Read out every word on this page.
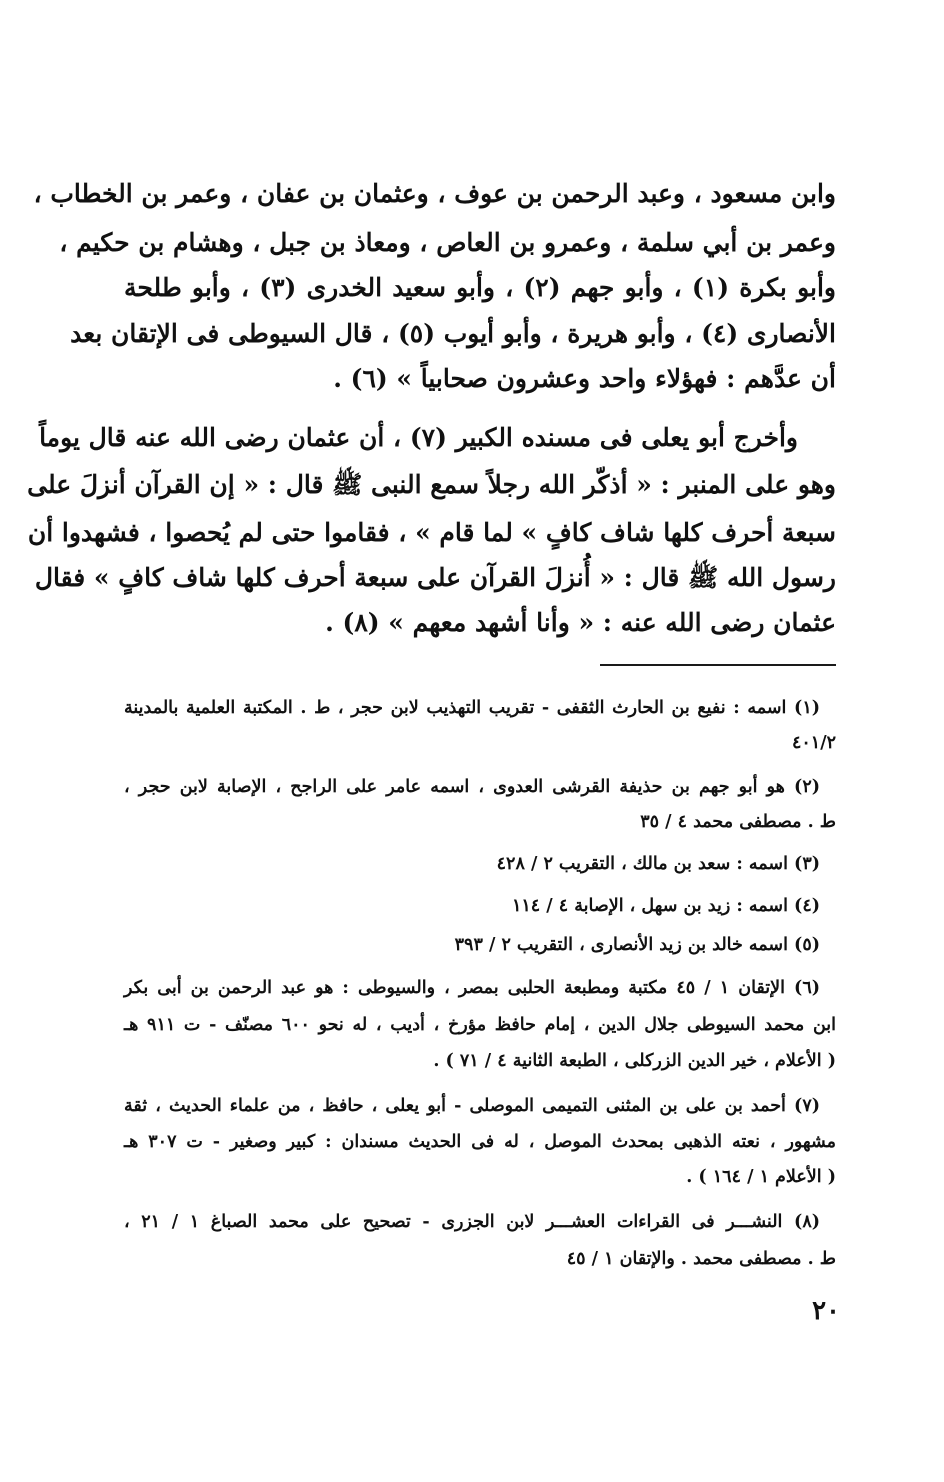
وابن مسعود ، وعبد الرحمن بن عوف ، وعثمان بن عفان ، وعمر بن الخطاب ،
وعمر بن أبي سلمة ، وعمرو بن العاص ، ومعاذ بن جبل ، وهشام بن حكيم ،
وأبو بكرة (١) ، وأبو جهم (٢) ، وأبو سعيد الخدرى (٣) ، وأبو طلحة
الأنصارى (٤) ، وأبو هريرة ، وأبو أيوب (٥) ، قال السيوطى فى الإتقان بعد
أن عدَّهم : فهؤلاء واحد وعشرون صحابياً » (٦) .
وأخرج أبو يعلى فى مسنده الكبير (٧) ، أن عثمان رضى الله عنه قال يوماً
وهو على المنبر : « أذكّر الله رجلاً سمع النبى ﷺ قال : « إن القرآن أنزلَ على
سبعة أحرف كلها شاف كافٍ » لما قام » ، فقاموا حتى لم يُحصوا ، فشهدوا أن
رسول الله ﷺ قال : « أُنزلَ القرآن على سبعة أحرف كلها شاف كافٍ » فقال
عثمان رضى الله عنه : « وأنا أشهد معهم » (٨) .
(١) اسمه : نفيع بن الحارث الثقفى - تقريب التهذيب لابن حجر ، ط . المكتبة العلمية بالمدينة
٤٠١/٢
(٢) هو أبو جهم بن حذيفة القرشى العدوى ، اسمه عامر على الراجح ، الإصابة لابن حجر ،
ط . مصطفى محمد ٤ / ٣٥
(٣) اسمه : سعد بن مالك ، التقريب ٢ / ٤٢٨
(٤) اسمه : زيد بن سهل ، الإصابة ٤ / ١١٤
(٥) اسمه خالد بن زيد الأنصارى ، التقريب ٢ / ٣٩٣
(٦) الإتقان ١ / ٤٥ مكتبة ومطبعة الحلبى بمصر ، والسيوطى : هو عبد الرحمن بن أبى بكر
ابن محمد السيوطى جلال الدين ، إمام حافظ مؤرخ ، أديب ، له نحو ٦٠٠ مصنّف - ت ٩١١ هـ
( الأعلام ، خير الدين الزركلى ، الطبعة الثانية ٤ / ٧١ ) .
(٧) أحمد بن على بن المثنى التميمى الموصلى - أبو يعلى ، حافظ ، من علماء الحديث ، ثقة
مشهور ، نعته الذهبى بمحدث الموصل ، له فى الحديث مسندان : كبير وصغير - ت ٣٠٧ هـ
( الأعلام ١ / ١٦٤ ) .
(٨) النشـــر فى القراءات العشـــر لابن الجزرى - تصحيح على محمد الصباغ ١ / ٢١ ،
ط . مصطفى محمد . والإتقان ١ / ٤٥
٢٠
